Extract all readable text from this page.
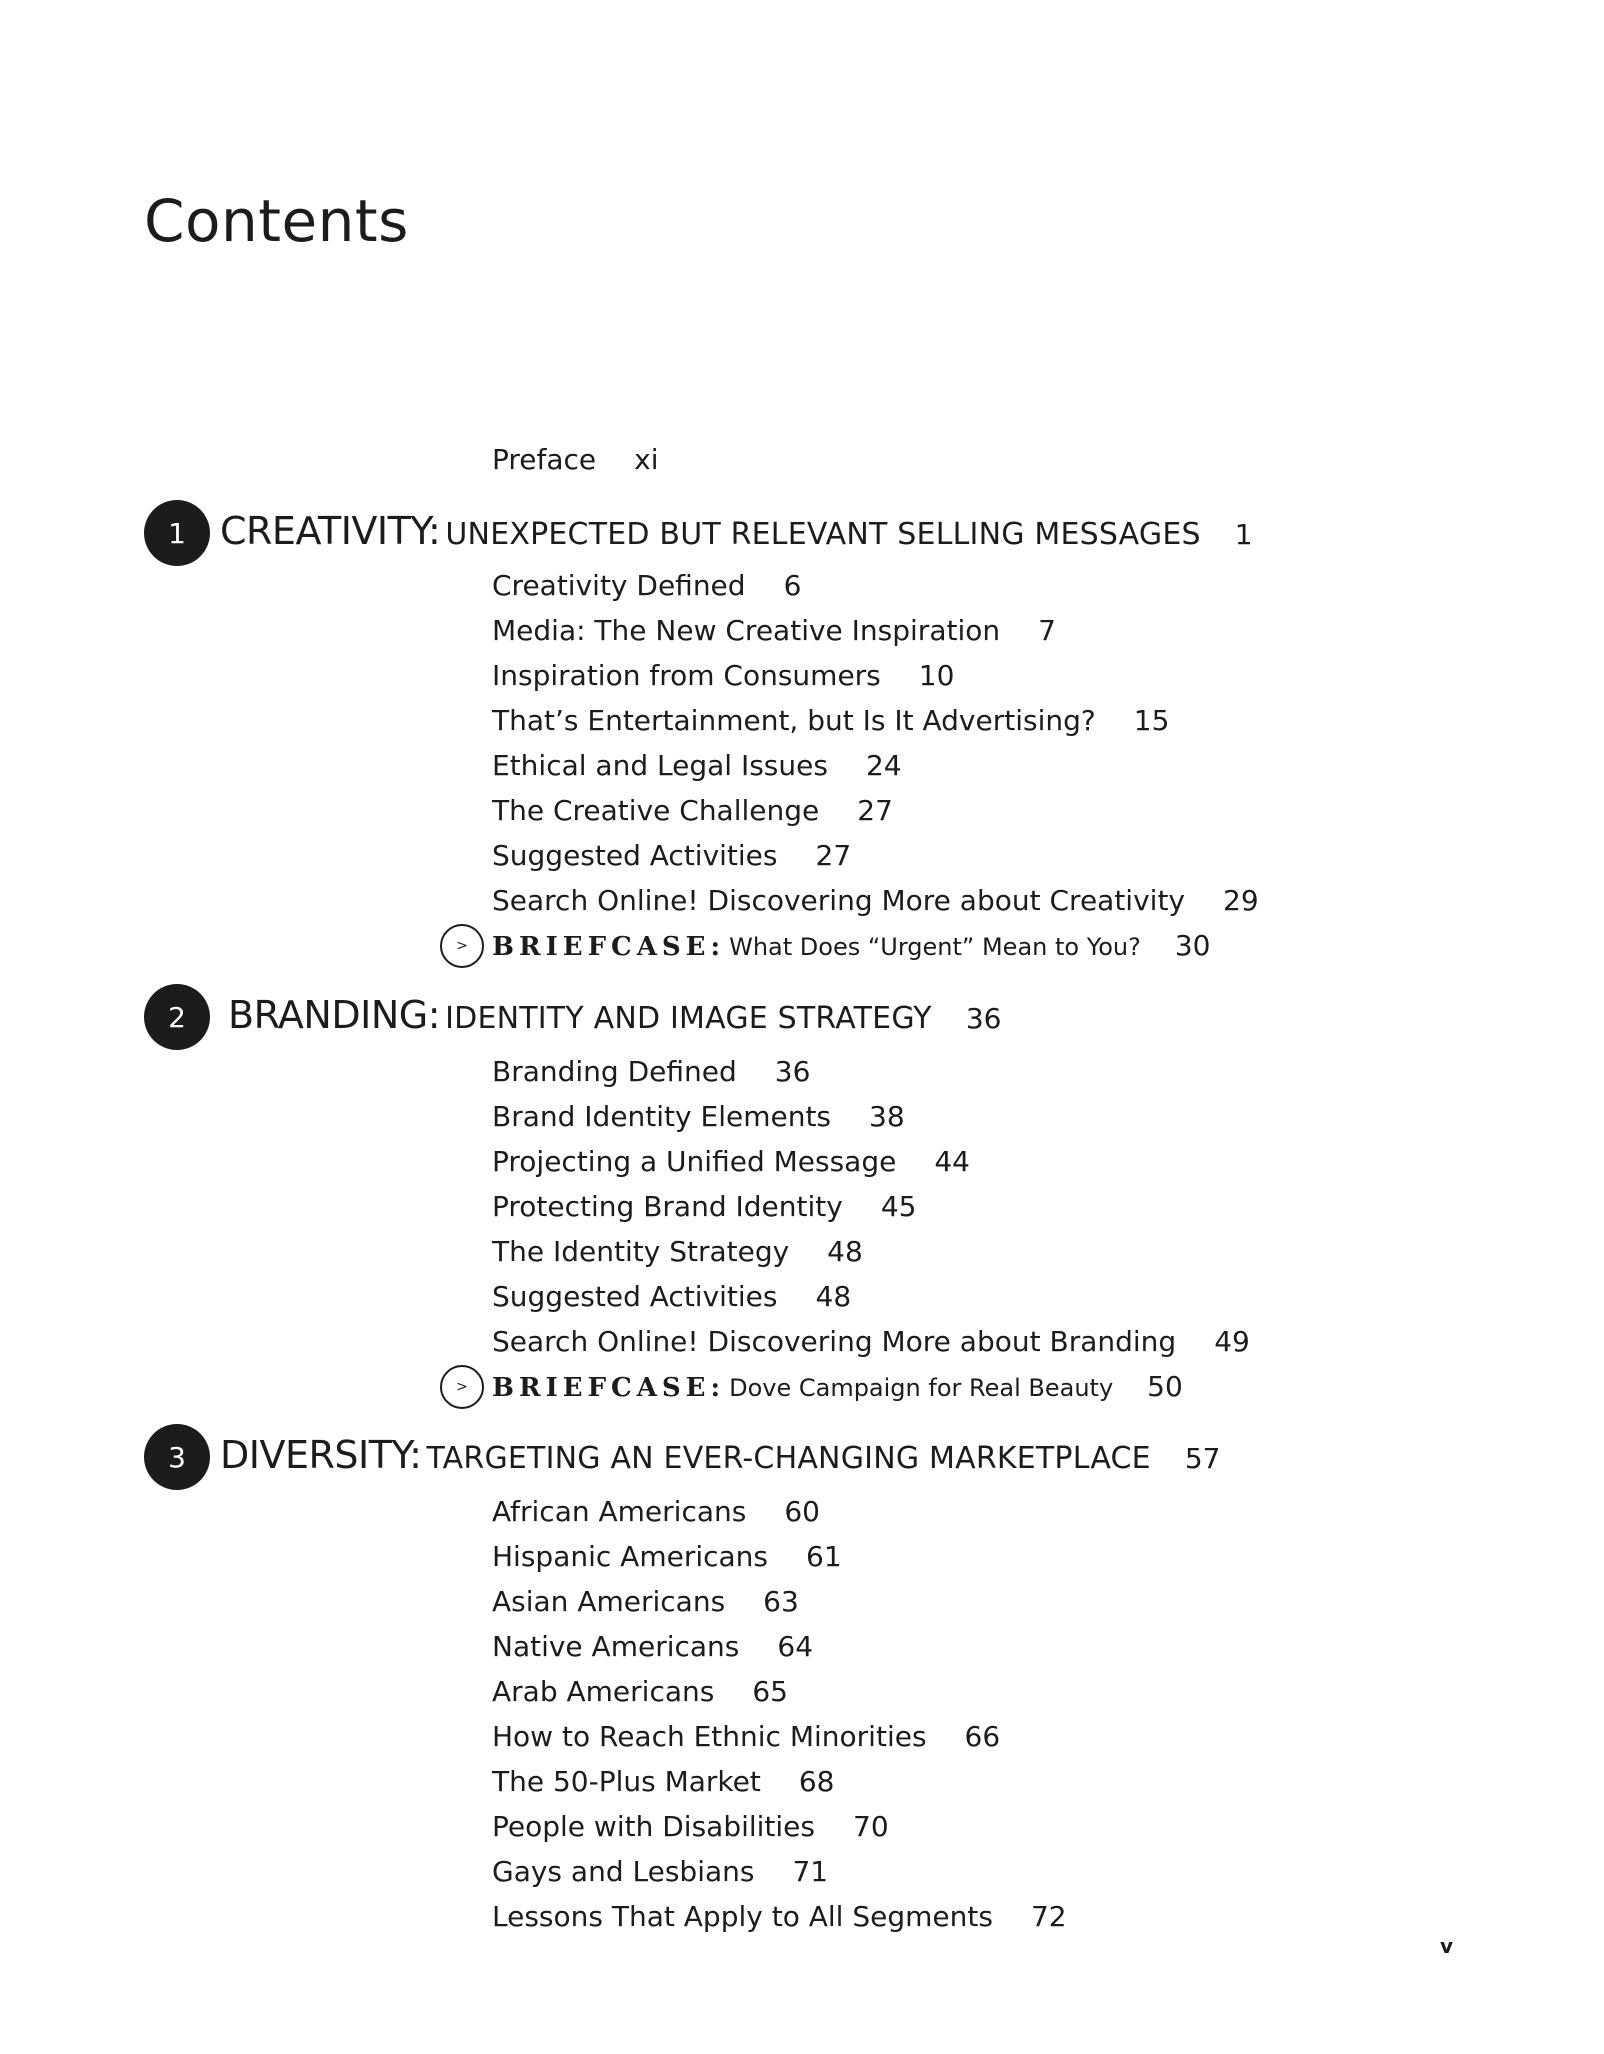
Contents
Preface xi
1 CREATIVITY: UNEXPECTED BUT RELEVANT SELLING MESSAGES 1
Creativity Defined 6
Media: The New Creative Inspiration 7
Inspiration from Consumers 10
That’s Entertainment, but Is It Advertising? 15
Ethical and Legal Issues 24
The Creative Challenge 27
Suggested Activities 27
Search Online! Discovering More about Creativity 29
> BRIEFCASE: What Does “Urgent” Mean to You? 30
2	BRANDING: IDENTITY AND IMAGE STRATEGY 36
Branding Defined 36
Brand Identity Elements 38
Projecting a Unified Message 44
Protecting Brand Identity 45
The Identity Strategy 48
Suggested Activities 48
Search Online! Discovering More about Branding 49
> BRIEFCASE: Dove Campaign for Real Beauty 50
3 DIVERSITY: TARGETING AN EVER-CHANGING MARKETPLACE 57
African Americans 60
Hispanic Americans 61
Asian Americans 63
Native Americans 64
Arab Americans 65
How to Reach Ethnic Minorities 66
The 50-Plus Market 68
People with Disabilities 70
Gays and Lesbians 71
Lessons That Apply to All Segments 72
v
